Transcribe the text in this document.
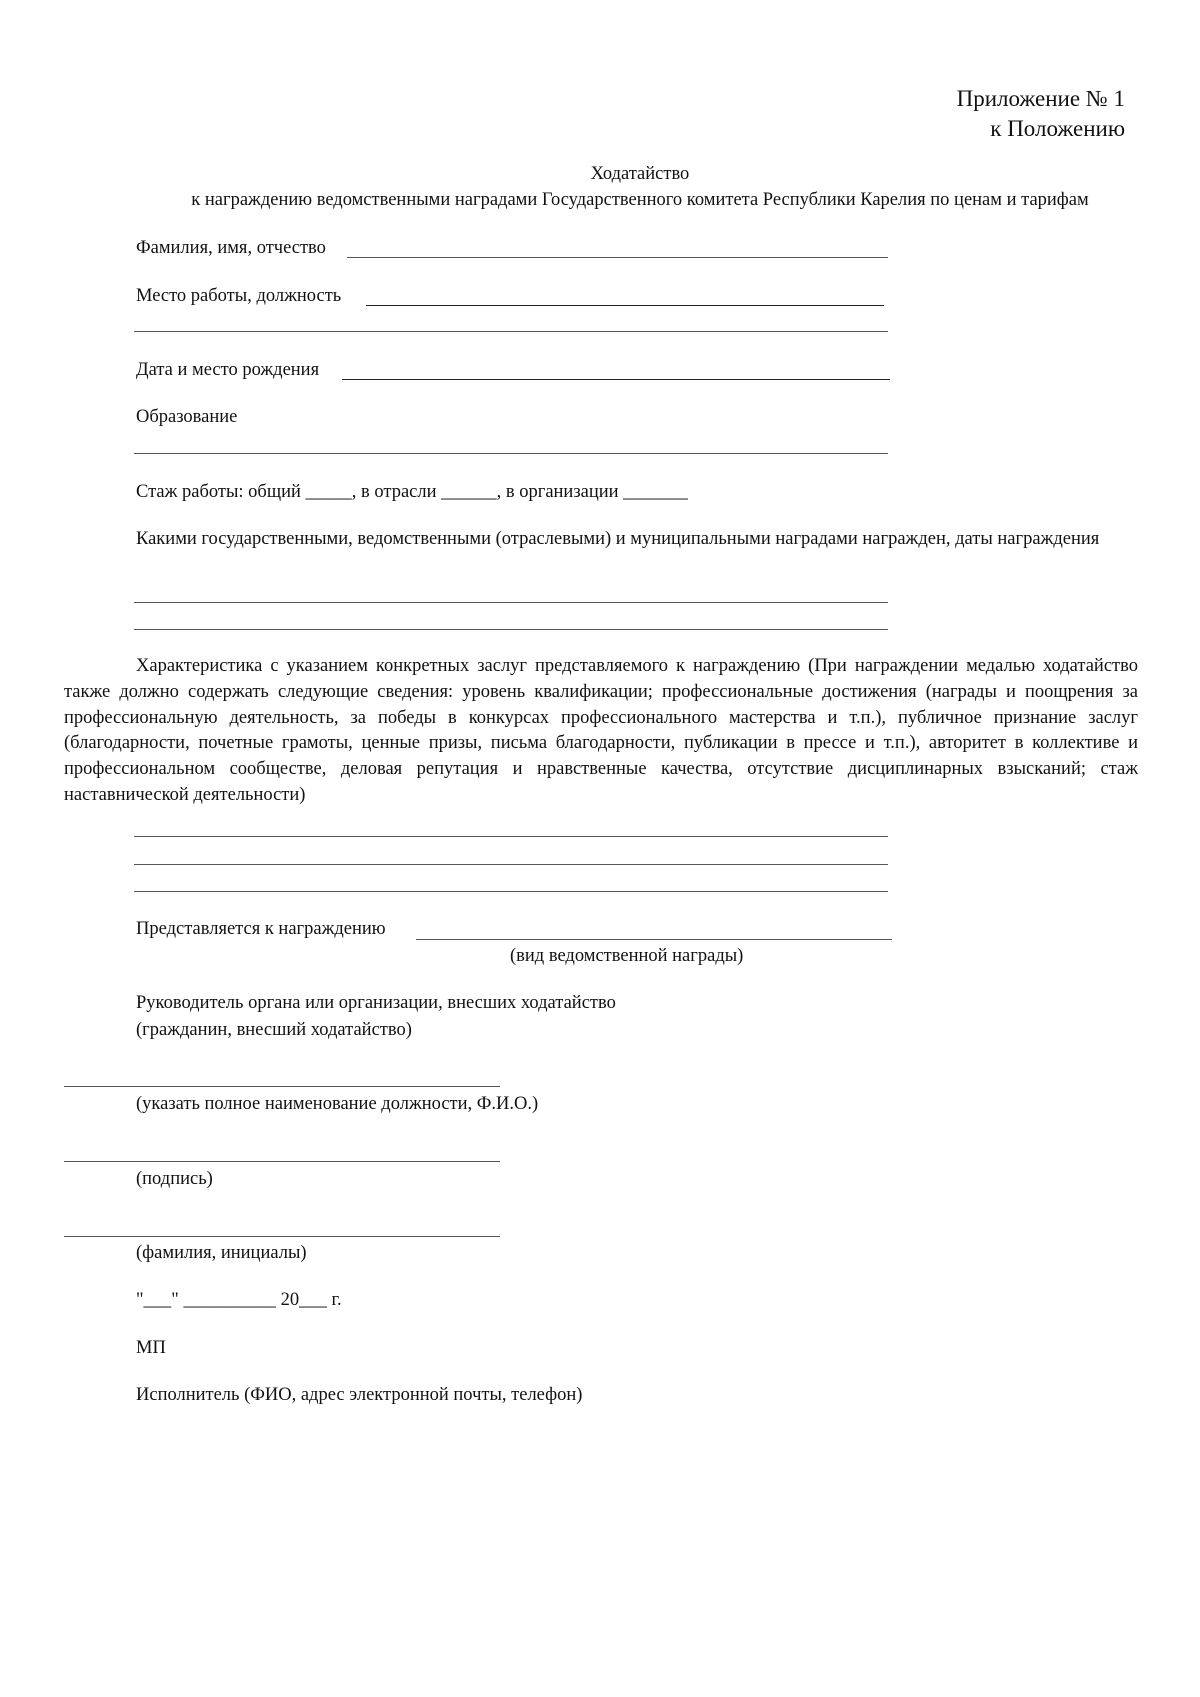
Приложение № 1
к Положению
Ходатайство
к награждению ведомственными наградами Государственного комитета Республики Карелия по ценам и тарифам
Фамилия, имя, отчество
Место работы, должность
Дата и место рождения
Образование
Стаж работы: общий _____, в отрасли ______, в организации _______

Какими государственными, ведомственными (отраслевыми) и муниципальными наградами награжден, даты награждения

Характеристика с указанием конкретных заслуг представляемого к награждению (При награждении медалью ходатайство также должно содержать следующие сведения: уровень квалификации; профессиональные достижения (награды и поощрения за профессиональную деятельность, за победы в конкурсах профессионального мастерства и т.п.), публичное признание заслуг (благодарности, почетные грамоты, ценные призы, письма благодарности, публикации в прессе и т.п.), авторитет в коллективе и профессиональном сообществе, деловая репутация и нравственные качества, отсутствие дисциплинарных взысканий; стаж наставнической деятельности)

Представляется к награждению
(вид ведомственной награды)
Руководитель органа или организации, внесших ходатайство
(гражданин, внесший ходатайство)
(указать полное наименование должности, Ф.И.О.)
(подпись)
(фамилия, инициалы)
"___" __________ 20___ г.
МП
Исполнитель (ФИО, адрес электронной почты, телефон)
